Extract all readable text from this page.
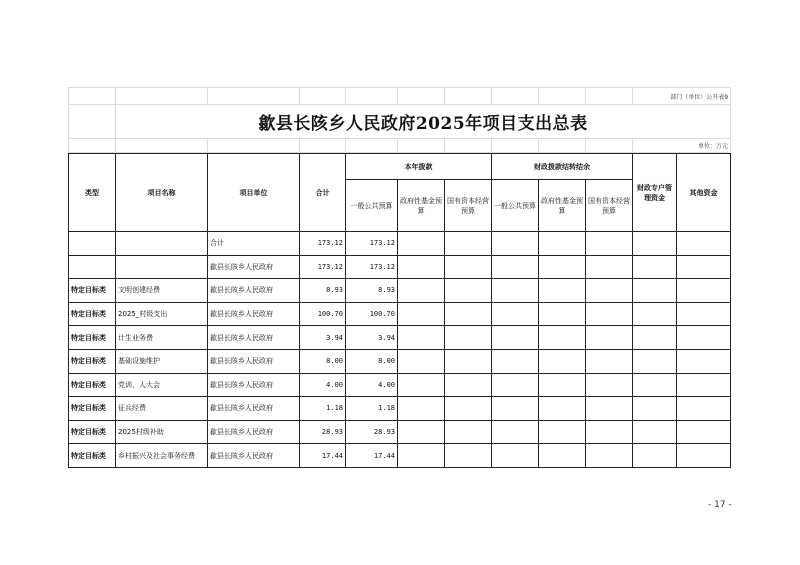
										部门（单位）公开表9
	歙县长陔乡人民政府2025年项目支出总表									
										单位：万元
类型	项目名称	项目单位	合计	本年拨款			财政拨款结转结余			财政专户管理资金	其他资金
				一般公共预算	政府性基金预算	国有资本经营预算	一般公共预算	政府性基金预算	国有资本经营预算		
		合计	173.12	173.12							
		歙县长陔乡人民政府	173.12	173.12							
特定目标类	文明创建经费	歙县长陔乡人民政府	8.93	8.93							
特定目标类	2025_村级支出	歙县长陔乡人民政府	100.70	100.70							
特定目标类	计生业务费	歙县长陔乡人民政府	3.94	3.94							
特定目标类	基础设施维护	歙县长陔乡人民政府	8.00	8.00							
特定目标类	党训、人大会	歙县长陔乡人民政府	4.00	4.00							
特定目标类	征兵经费	歙县长陔乡人民政府	1.18	1.18							
特定目标类	2025村级补助	歙县长陔乡人民政府	28.93	28.93							
特定目标类	乡村振兴及社会事务经费	歙县长陔乡人民政府	17.44	17.44							
- 17 -
